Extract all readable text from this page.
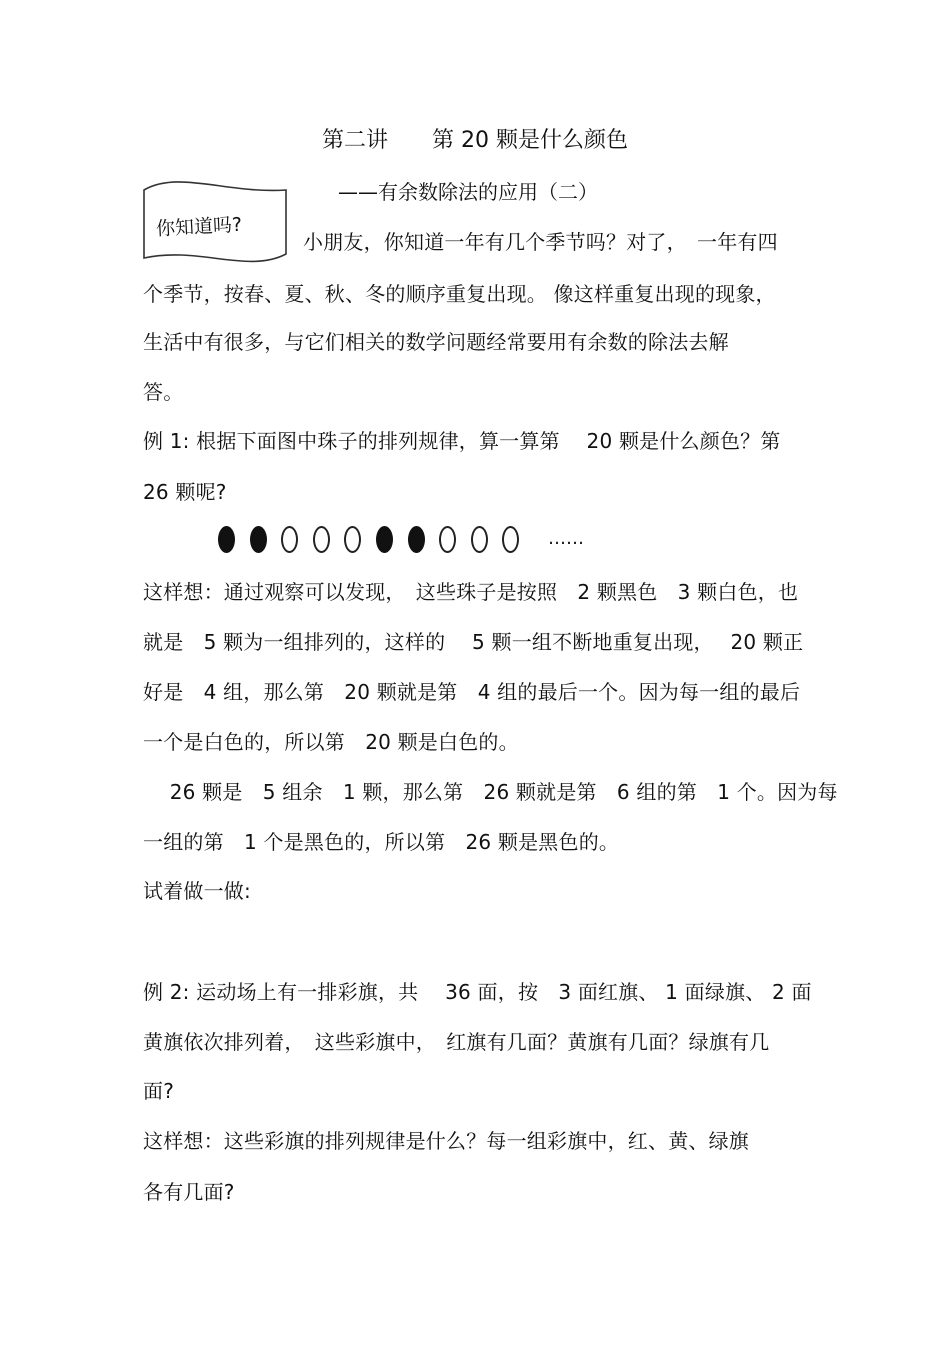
第二讲　　第 20 颗是什么颜色
你知道吗?
——有余数除法的应用（二）
小朋友，你知道一年有几个季节吗？对了，　一年有四
个季节，按春、夏、秋、冬的顺序重复出现。 像这样重复出现的现象，
生活中有很多，与它们相关的数学问题经常要用有余数的除法去解
答。
例 1: 根据下面图中珠子的排列规律，算一算第　 20 颗是什么颜色？第
26 颗呢?
……
这样想：通过观察可以发现，　这些珠子是按照　2 颗黑色　3 颗白色，也
就是　5 颗为一组排列的，这样的　 5 颗一组不断地重复出现，　 20 颗正
好是　4 组，那么第　20 颗就是第　4 组的最后一个。因为每一组的最后
一个是白色的，所以第　20 颗是白色的。
　 26 颗是　5 组余　1 颗，那么第　26 颗就是第　6 组的第　1 个。因为每
一组的第　1 个是黑色的，所以第　26 颗是黑色的。
试着做一做:
例 2: 运动场上有一排彩旗，共　 36 面，按　3 面红旗、 1 面绿旗、 2 面
黄旗依次排列着，　这些彩旗中，　红旗有几面？黄旗有几面？绿旗有几
面?
这样想：这些彩旗的排列规律是什么？每一组彩旗中，红、黄、绿旗
各有几面?
